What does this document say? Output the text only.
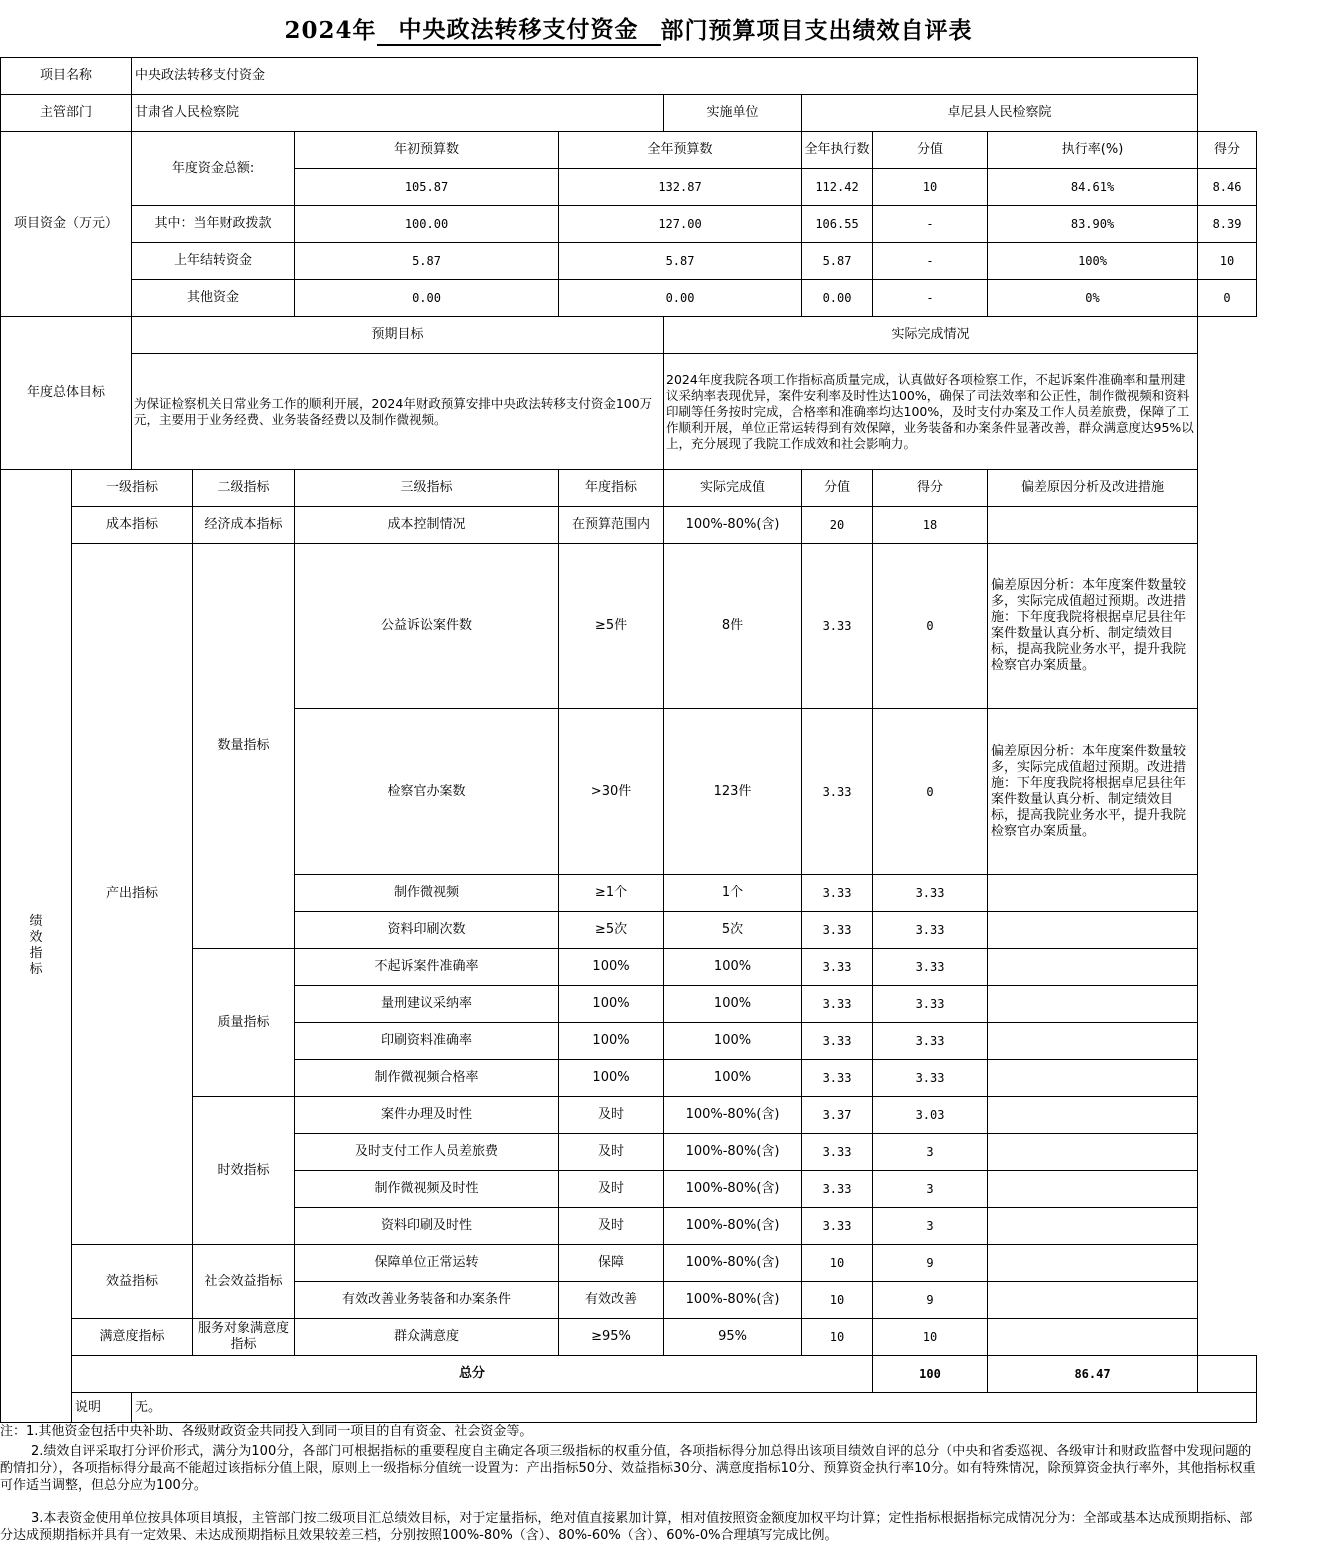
2024年 中央政法转移支付资金 部门预算项目支出绩效自评表
项目名称		中央政法转移支付资金								
主管部门		甘肃省人民检察院				实施单位	卓尼县人民检察院			
项目资金（万元）		年度资金总额:		年初预算数	全年预算数		全年执行数	分值	执行率(%)	得分
				105.87	132.87		112.42	10	84.61%	8.46
		其中：当年财政拨款		100.00	127.00		106.55	-	83.90%	8.39
		上年结转资金		5.87	5.87		5.87	-	100%	10
		其他资金		0.00	0.00		0.00	-	0%	0

年度总体目标		预期目标				实际完成情况				
		为保证检察机关日常业务工作的顺利开展，2024年财政预算安排中央政法转移支付资金100万元，主要用于业务经费、业务装备经费以及制作微视频。				2024年度我院各项工作指标高质量完成，认真做好各项检察工作，不起诉案件准确率和量刑建议采纳率表现优异，案件安利率及时性达100%，确保了司法效率和公正性，制作微视频和资料印刷等任务按时完成，合格率和准确率均达100%，及时支付办案及工作人员差旅费，保障了工作顺利开展，单位正常运转得到有效保障，业务装备和办案条件显著改善，群众满意度达95%以上，充分展现了我院工作成效和社会影响力。				
绩
效
指
标	一级指标		二级指标	三级指标	年度指标	实际完成值	分值	得分	偏差原因分析及改进措施	
	成本指标		经济成本指标	成本控制情况	在预算范围内	100%-80%(含)	20	18		
	产出指标		数量指标	公益诉讼案件数	≥5件	8件	3.33	0	偏差原因分析：本年度案件数量较多，实际完成值超过预期。改进措施：下年度我院将根据卓尼县往年案件数量认真分析、制定绩效目标，提高我院业务水平，提升我院检察官办案质量。	
				检察官办案数	>30件	123件	3.33	0	偏差原因分析：本年度案件数量较多，实际完成值超过预期。改进措施：下年度我院将根据卓尼县往年案件数量认真分析、制定绩效目标，提高我院业务水平，提升我院检察官办案质量。	
				制作微视频	≥1个	1个	3.33	3.33		
				资料印刷次数	≥5次	5次	3.33	3.33		
			质量指标	不起诉案件准确率	100%	100%	3.33	3.33		
				量刑建议采纳率	100%	100%	3.33	3.33		
				印刷资料准确率	100%	100%	3.33	3.33		
				制作微视频合格率	100%	100%	3.33	3.33		
			时效指标	案件办理及时性	及时	100%-80%(含)	3.37	3.03		
				及时支付工作人员差旅费	及时	100%-80%(含)	3.33	3		
				制作微视频及时性	及时	100%-80%(含)	3.33	3		
				资料印刷及时性	及时	100%-80%(含)	3.33	3		

	效益指标		社会效益指标	保障单位正常运转	保障	100%-80%(含)	10	9		
				有效改善业务装备和办案条件	有效改善	100%-80%(含)	10	9		
	满意度指标		服务对象满意度指标	群众满意度	≥95%	95%	10	10		
	总分							100	86.47	
	说明	无。								

注：1.其他资金包括中央补助、各级财政资金共同投入到同一项目的自有资金、社会资金等。

2.绩效自评采取打分评价形式，满分为100分，各部门可根据指标的重要程度自主确定各项三级指标的权重分值，各项指标得分加总得出该项目绩效自评的总分（中央和省委巡视、各级审计和财政监督中发现问题的酌情扣分），各项指标得分最高不能超过该指标分值上限，原则上一级指标分值统一设置为：产出指标50分、效益指标30分、满意度指标10分、预算资金执行率10分。如有特殊情况，除预算资金执行率外，其他指标权重可作适当调整，但总分应为100分。

3.本表资金使用单位按具体项目填报，主管部门按二级项目汇总绩效目标，对于定量指标，绝对值直接累加计算，相对值按照资金额度加权平均计算；定性指标根据指标完成情况分为：全部或基本达成预期指标、部分达成预期指标并具有一定效果、未达成预期指标且效果较差三档，分别按照100%-80%（含）、80%-60%（含）、60%-0%合理填写完成比例。
